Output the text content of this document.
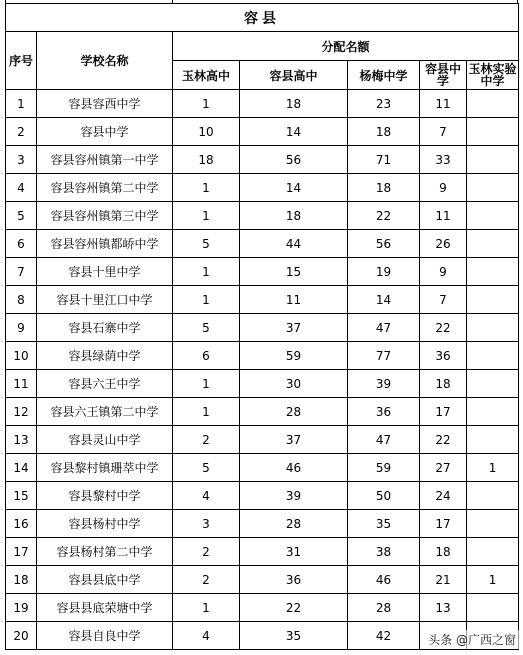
容县						
序号	学校名称	分配名额				
		玉林高中	容县高中	杨梅中学	容县中学	玉林实验中学
1	容县容西中学	1	18	23	11	
2	容县中学	10	14	18	7	
3	容县容州镇第一中学	18	56	71	33	
4	容县容州镇第二中学	1	14	18	9	
5	容县容州镇第三中学	1	18	22	11	
6	容县容州镇都峤中学	5	44	56	26	
7	容县十里中学	1	15	19	9	
8	容县十里江口中学	1	11	14	7	
9	容县石寨中学	5	37	47	22	
10	容县绿荫中学	6	59	77	36	
11	容县六王中学	1	30	39	18	
12	容县六王镇第二中学	1	28	36	17	
13	容县灵山中学	2	37	47	22	
14	容县黎村镇珊萃中学	5	46	59	27	1
15	容县黎村中学	4	39	50	24	
16	容县杨村中学	3	28	35	17	
17	容县杨村第二中学	2	31	38	18	
18	容县县底中学	2	36	46	21	1
19	容县县底荣塘中学	1	22	28	13	
20	容县自良中学	4	35	42			头条 @广西之窗
